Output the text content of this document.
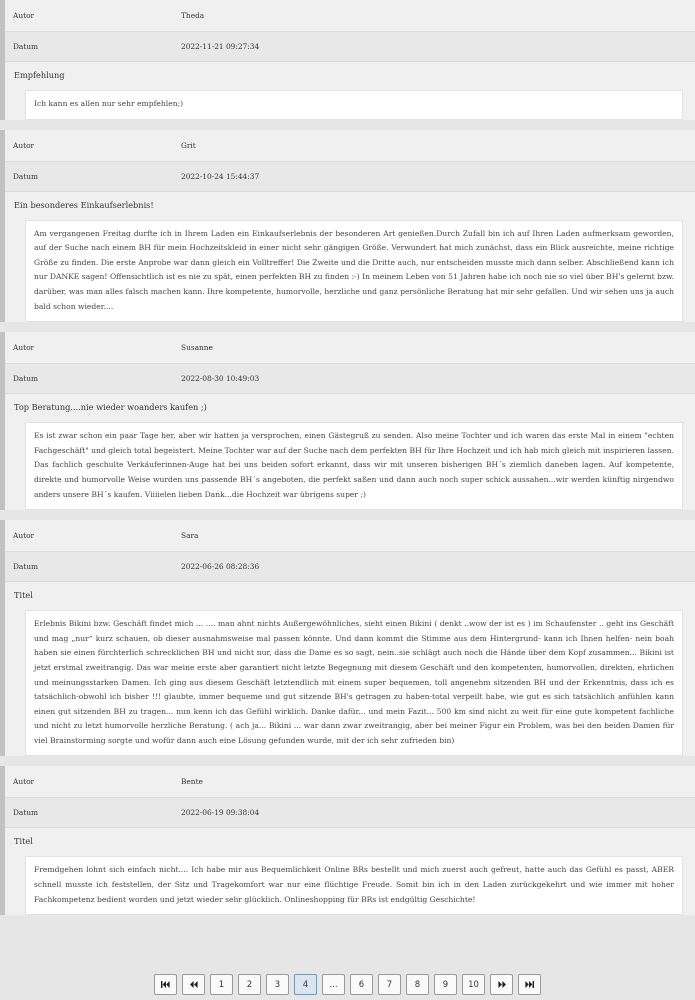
Autor	Theda
Datum	2022-11-21 09:27:34
Empfehlung
Ich kann es allen nur sehr empfehlen;)
Autor	Grit
Datum	2022-10-24 15:44:37
Ein besonderes Einkaufserlebnis!
Am vergangenen Freitag durfte ich in Ihrem Laden ein Einkaufserlebnis der besonderen Art genießen.Durch Zufall bin ich auf Ihren Laden aufmerksam geworden, auf der Suche nach einem BH für mein Hochzeitskleid in einer nicht sehr gängigen Größe. Verwundert hat mich zunächst, dass ein Blick ausreichte, meine richtige Größe zu finden. Die erste Anprobe war dann gleich ein Volltreffer! Die Zweite und die Dritte auch, nur entscheiden musste mich dann selber. Abschließend kann ich nur DANKE sagen! Offensichtlich ist es nie zu spät, einen perfekten BH zu finden :-) In meinem Leben von 51 Jahren habe ich noch nie so viel über BH's gelernt bzw. darüber, was man alles falsch machen kann. Ihre kompetente, humorvolle, herzliche und ganz persönliche Beratung hat mir sehr gefallen. Und wir sehen uns ja auch bald schon wieder....
Autor	Susanne
Datum	2022-08-30 10:49:03
Top Beratung....nie wieder woanders kaufen ;)
Es ist zwar schon ein paar Tage her, aber wir hatten ja versprochen, einen Gästegruß zu senden. Also meine Tochter und ich waren das erste Mal in einem "echten Fachgeschäft" und gleich total begeistert. Meine Tochter war auf der Suche nach dem perfekten BH für Ihre Hochzeit und ich hab mich gleich mit inspirieren lassen. Das fachlich geschulte Verkäuferinnen-Auge hat bei uns beiden sofort erkannt, dass wir mit unseren bisherigen BH´s ziemlich daneben lagen. Auf kompetente, direkte und humorvolle Weise wurden uns passende BH´s angeboten, die perfekt saßen und dann auch noch super schick aussahen...wir werden künftig nirgendwo anders unsere BH´s kaufen. Viiiielen lieben Dank...die Hochzeit war übrigens super ;)
Autor	Sara
Datum	2022-06-26 08:28:36
Titel
Erlebnis Bikini bzw. Geschäft findet mich ... .... man ahnt nichts Außergewöhnliches, sieht einen Bikini ( denkt ..wow der ist es ) im Schaufenster .. geht ins Geschäft und mag „nur“ kurz schauen, ob dieser ausnahmsweise mal passen könnte. Und dann kommt die Stimme aus dem Hintergrund- kann ich Ihnen helfen- nein boah haben sie einen fürchterlich schrecklichen BH und nicht nur, dass die Dame es so sagt, nein..sie schlägt auch noch die Hände über dem Kopf zusammen... Bikini ist jetzt erstmal zweitrangig. Das war meine erste aber garantiert nicht letzte Begegnung mit diesem Geschäft und den kompetenten, humorvollen, direkten, ehrlichen und meinungsstarken Damen. Ich ging aus diesem Geschäft letztendlich mit einem super bequemen, toll angenehm sitzenden BH und der Erkenntnis, dass ich es tatsächlich-obwohl ich bisher !!! glaubte, immer bequeme und gut sitzende BH's getragen zu haben-total verpeilt habe, wie gut es sich tatsächlich anfühlen kann einen gut sitzenden BH zu tragen... nun kenn ich das Gefühl wirklich. Danke dafür... und mein Fazit... 500 km sind nicht zu weit für eine gute kompetent fachliche und nicht zu letzt humorvolle herzliche Beratung. ( ach ja... Bikini ... war dann zwar zweitrangig, aber bei meiner Figur ein Problem, was bei den beiden Damen für viel Brainstorming sorgte und wofür dann auch eine Lösung gefunden wurde, mit der ich sehr zufrieden bin)
Autor	Bente
Datum	2022-06-19 09:38:04
Titel
Fremdgehen lohnt sich einfach nicht.... Ich habe mir aus Bequemlichkeit Online BRs bestellt und mich zuerst auch gefreut, hatte auch das Gefühl es passt, ABER schnell musste ich feststellen, der Sitz und Tragekomfort war nur eine flüchtige Freude. Somit bin ich in den Laden zurückgekehrt und wie immer mit hoher Fachkompetenz bedient worden und jetzt wieder sehr glücklich. Onlineshopping für BRs ist endgültig Geschichte!
1	2	3	4	...	6	7	8	9	10
